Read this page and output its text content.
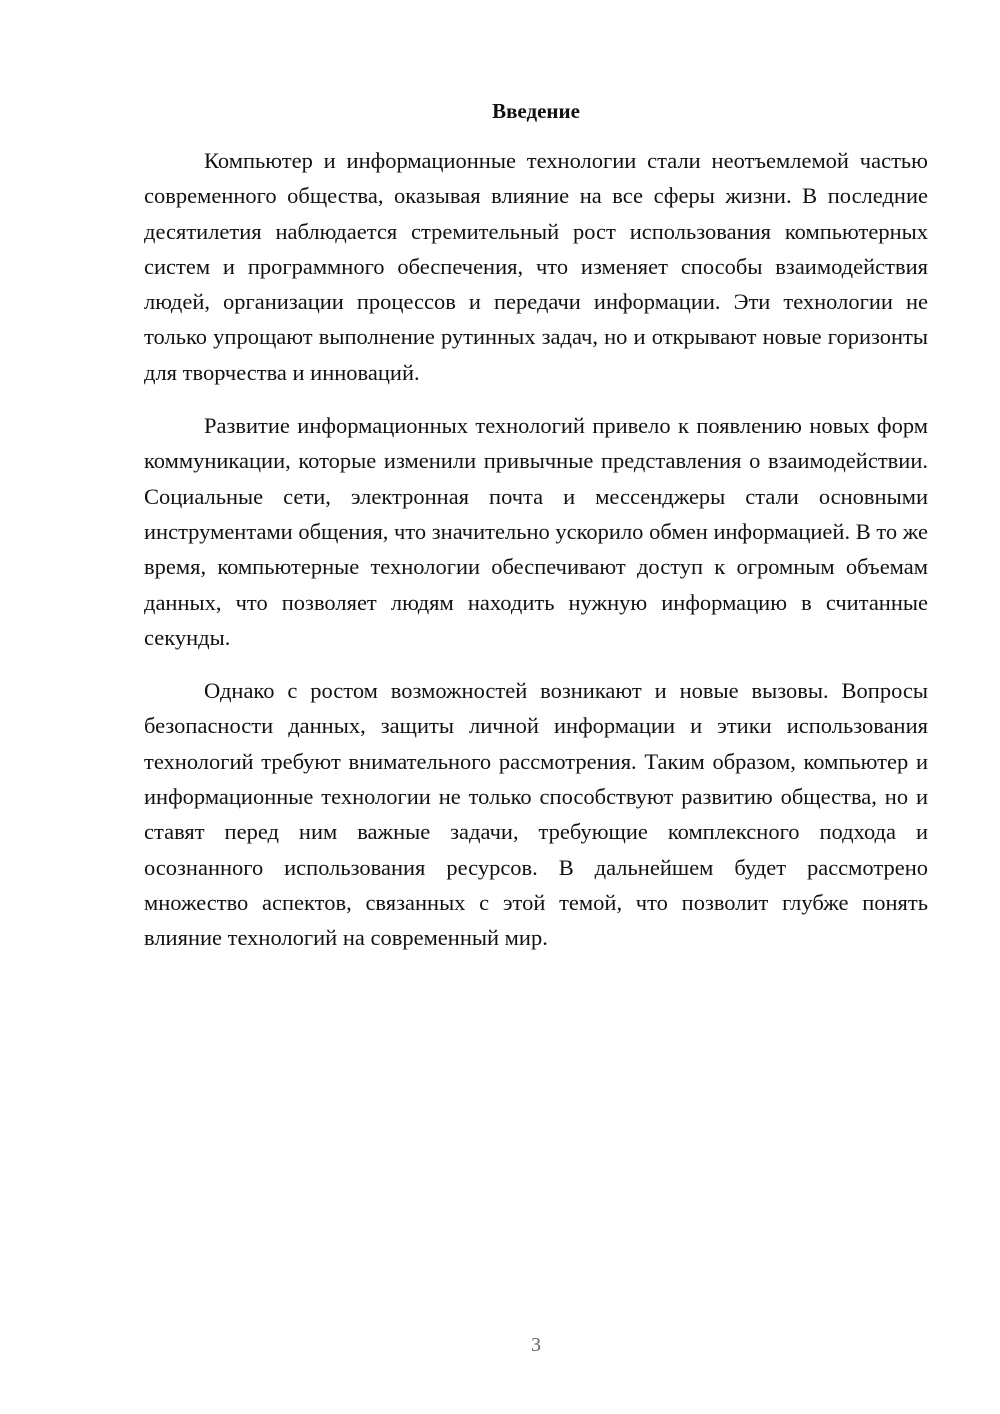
Введение

Компьютер и информационные технологии стали неотъемлемой частью современного общества, оказывая влияние на все сферы жизни. В последние десятилетия наблюдается стремительный рост использования компьютерных систем и программного обеспечения, что изменяет способы взаимодействия людей, организации процессов и передачи информации. Эти технологии не только упрощают выполнение рутинных задач, но и открывают новые горизонты для творчества и инноваций.

Развитие информационных технологий привело к появлению новых форм коммуникации, которые изменили привычные представления о взаимодействии. Социальные сети, электронная почта и мессенджеры стали основными инструментами общения, что значительно ускорило обмен информацией. В то же время, компьютерные технологии обеспечивают доступ к огромным объемам данных, что позволяет людям находить нужную информацию в считанные секунды.

Однако с ростом возможностей возникают и новые вызовы. Вопросы безопасности данных, защиты личной информации и этики использования технологий требуют внимательного рассмотрения. Таким образом, компьютер и информационные технологии не только способствуют развитию общества, но и ставят перед ним важные задачи, требующие комплексного подхода и осознанного использования ресурсов. В дальнейшем будет рассмотрено множество аспектов, связанных с этой темой, что позволит глубже понять влияние технологий на современный мир.

3
